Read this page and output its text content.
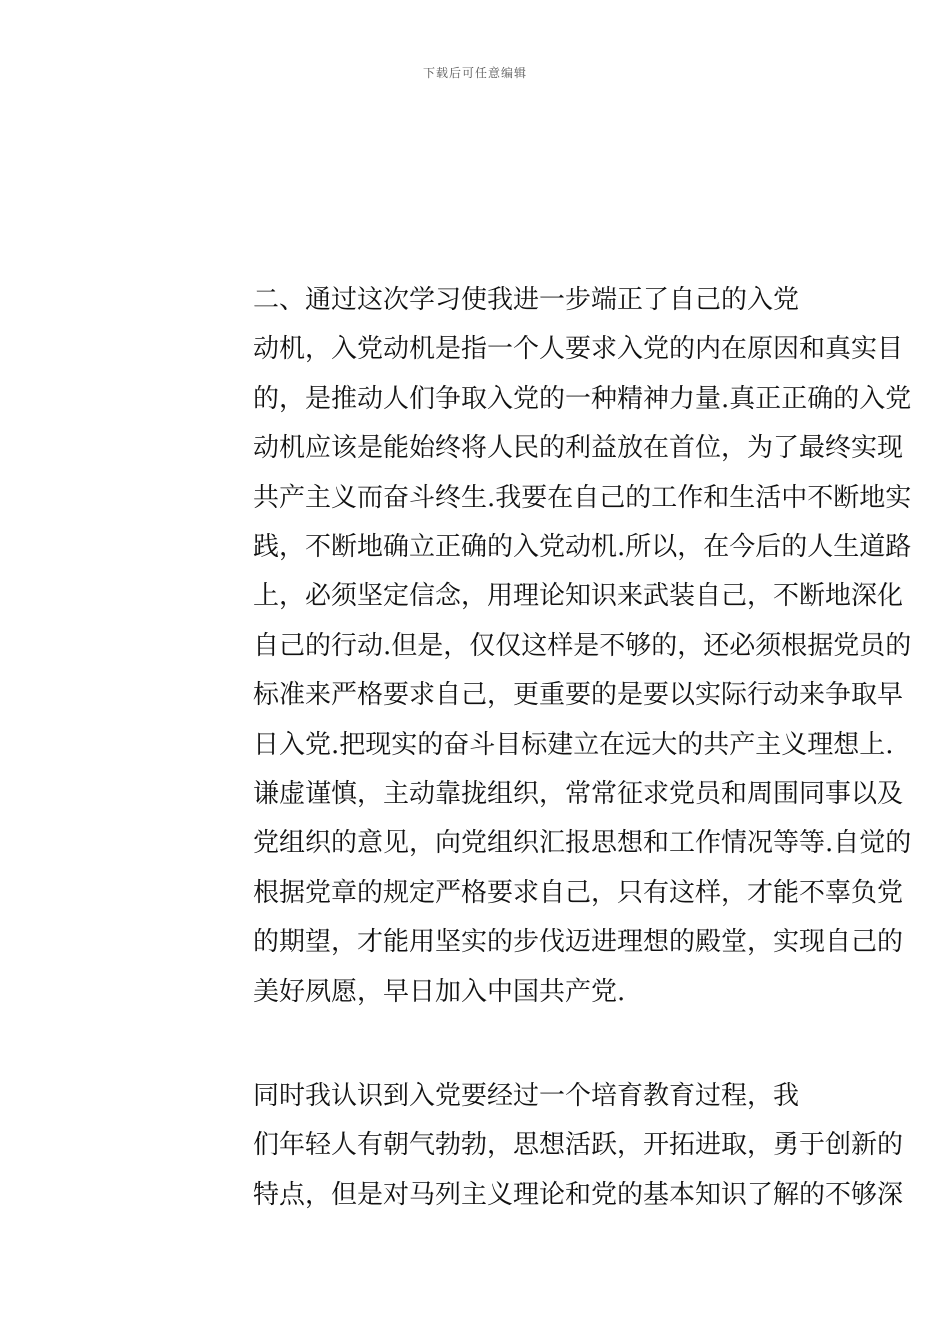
下载后可任意编辑
二、通过这次学习使我进一步端正了自己的入党
动机，入党动机是指一个人要求入党的内在原因和真实目
的，是推动人们争取入党的一种精神力量.真正正确的入党
动机应该是能始终将人民的利益放在首位，为了最终实现
共产主义而奋斗终生.我要在自己的工作和生活中不断地实
践，不断地确立正确的入党动机.所以，在今后的人生道路
上，必须坚定信念，用理论知识来武装自己，不断地深化
自己的行动.但是，仅仅这样是不够的，还必须根据党员的
标准来严格要求自己，更重要的是要以实际行动来争取早
日入党.把现实的奋斗目标建立在远大的共产主义理想上.
谦虚谨慎，主动靠拢组织，常常征求党员和周围同事以及
党组织的意见，向党组织汇报思想和工作情况等等.自觉的
根据党章的规定严格要求自己，只有这样，才能不辜负党
的期望，才能用坚实的步伐迈进理想的殿堂，实现自己的
美好夙愿，早日加入中国共产党.
同时我认识到入党要经过一个培育教育过程，我
们年轻人有朝气勃勃，思想活跃，开拓进取，勇于创新的
特点，但是对马列主义理论和党的基本知识了解的不够深
